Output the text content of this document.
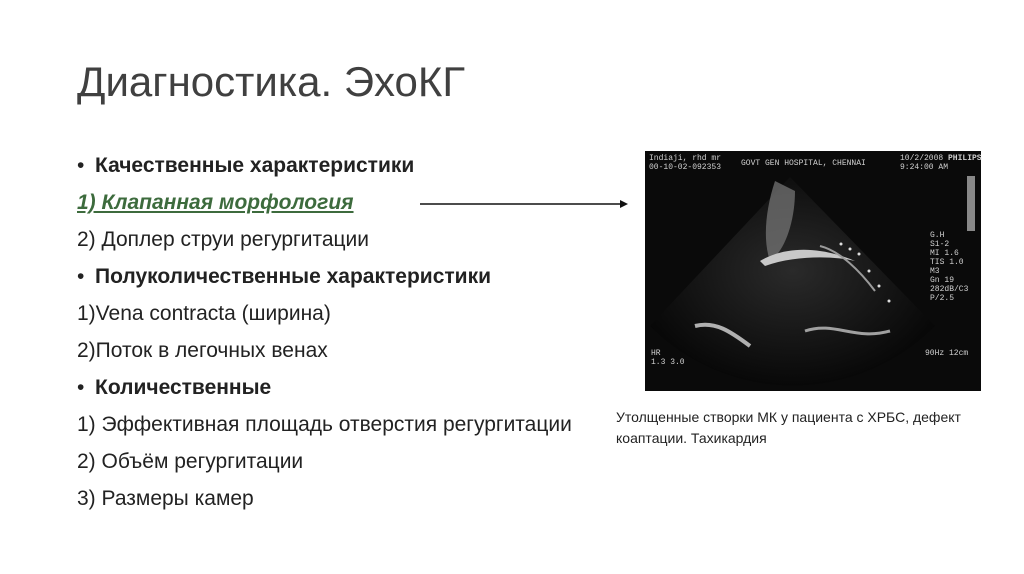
Диагностика. ЭхоКГ
• Качественные характеристики
1) Клапанная морфология
2) Доплер струи регургитации
• Полуколичественные характеристики
1)Vena contracta (ширина)
2)Поток в легочных венах
• Количественные
1) Эффективная площадь отверстия регургитации
2) Объём регургитации
3) Размеры камер
Indiaji, rhd mr
00-10-02-092353 GOVT GEN HOSPITAL, CHENNAI
10/2/2008
9:24:00 AM
PHILIPS
G.H
S1-2
MI 1.6
TIS 1.0
M3
Gn 19
282dB/C3
P/2.5
90Hz 12cm
HR
1.3 3.0
Утолщенные створки МК у пациента с ХРБС, дефект коаптации. Тахикардия
